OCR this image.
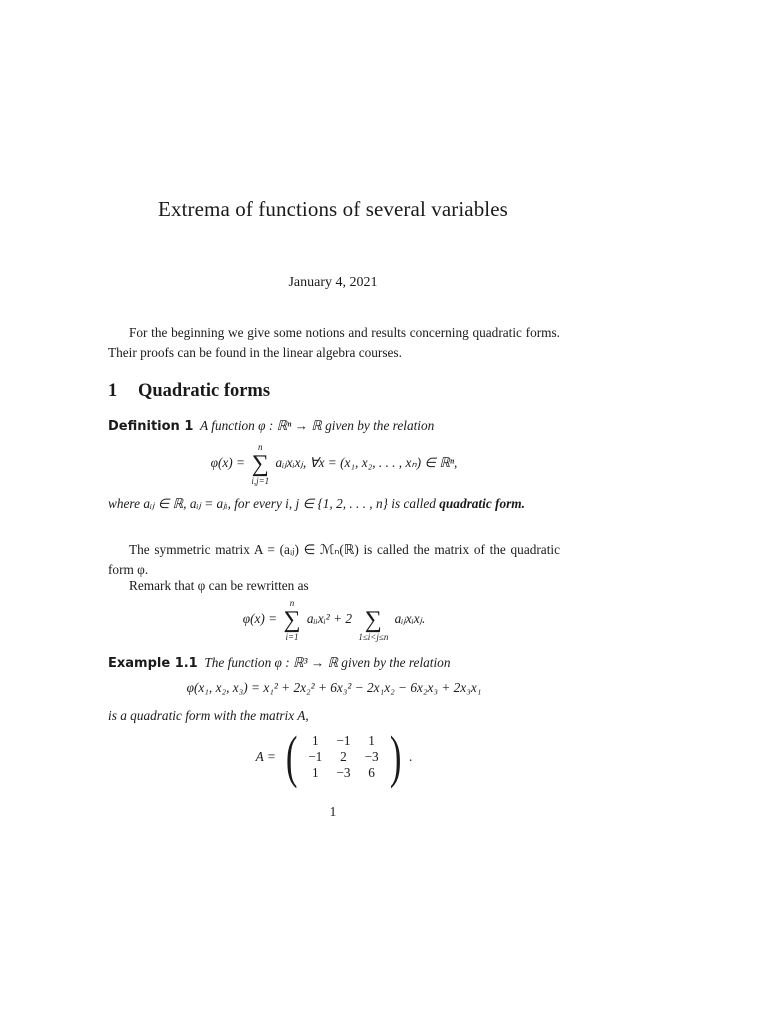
Extrema of functions of several variables
January 4, 2021
For the beginning we give some notions and results concerning quadratic forms. Their proofs can be found in the linear algebra courses.
1 Quadratic forms
Definition 1 A function φ : ℝⁿ → ℝ given by the relation
φ(x) =
n
∑
i,j=1
aᵢⱼxᵢxⱼ, ∀x = (x₁, x₂, . . . , xₙ) ∈ ℝⁿ,
where aᵢⱼ ∈ ℝ, aᵢⱼ = aⱼᵢ, for every i, j ∈ {1, 2, . . . , n} is called quadratic form.
The symmetric matrix A = (aᵢⱼ) ∈ ℳₙ(ℝ) is called the matrix of the quadratic form φ.
Remark that φ can be rewritten as
φ(x) =
n
∑
i=1
aᵢᵢxᵢ² + 2
∑
1≤i<j≤n
aᵢⱼxᵢxⱼ.
Example 1.1 The function φ : ℝ³ → ℝ given by the relation
φ(x₁, x₂, x₃) = x₁² + 2x₂² + 6x₃² − 2x₁x₂ − 6x₂x₃ + 2x₃x₁
is a quadratic form with the matrix A,
A = ( 1	−1	1
−1	2	−3
1	−3	6 ) .
1
